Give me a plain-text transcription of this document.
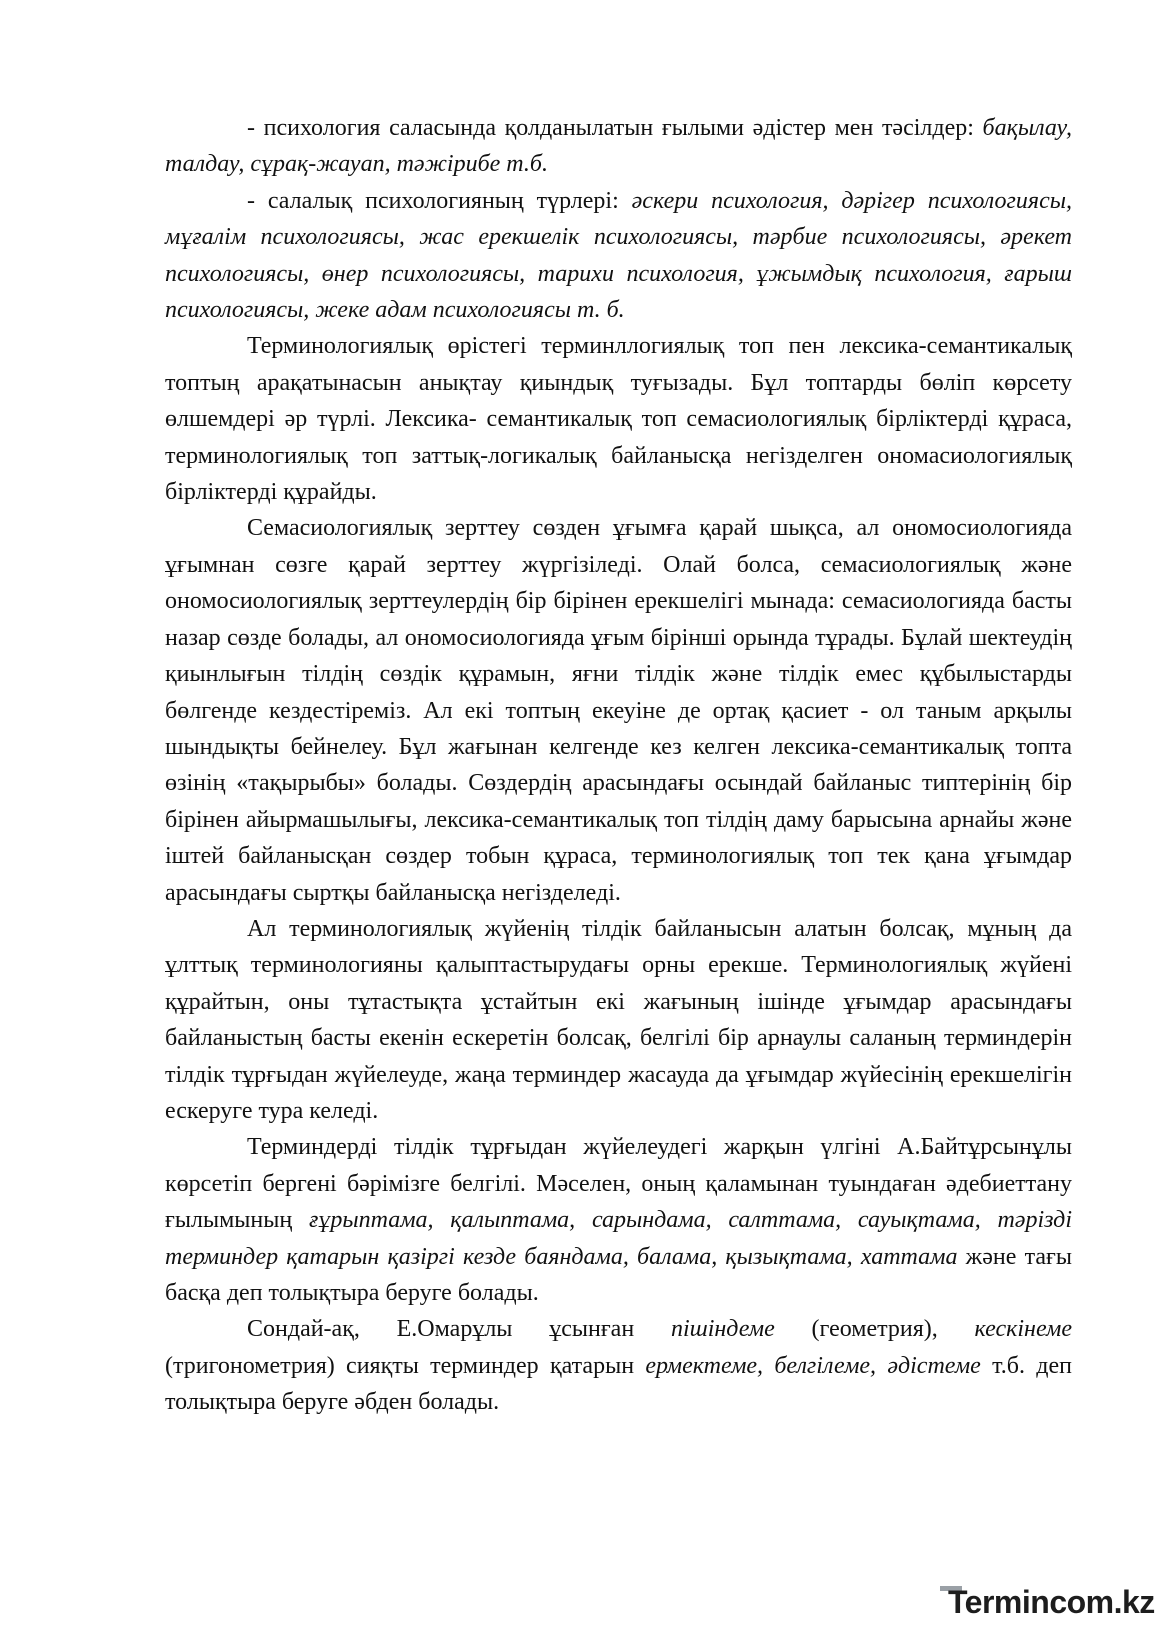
- психология саласында қолданылатын ғылыми әдістер мен тәсілдер: бақылау, талдау, сұрақ-жауап, тәжірибе т.б.

- салалық психологияның түрлері: әскери психология, дәрігер психологиясы, мұғалім психологиясы, жас ерекшелік психологиясы, тәрбие психологиясы, әрекет психологиясы, өнер психологиясы, тарихи психология, ұжымдық психология, ғарыш психологиясы, жеке адам психологиясы т. б.

Терминологиялық өрістегі терминллогиялық топ пен лексика-семантикалық топтың арақатынасын анықтау қиындық туғызады. Бұл топтарды бөліп көрсету өлшемдері әр түрлі. Лексика- семантикалық топ семасиологиялық бірліктерді құраса, терминологиялық топ заттық-логикалық байланысқа негізделген ономасиологиялық бірліктерді құрайды.

Семасиологиялық зерттеу сөзден ұғымға қарай шықса, ал ономосиологияда ұғымнан сөзге қарай зерттеу жүргізіледі. Олай болса, семасиологиялық және ономосиологиялық зерттеулердің бір бірінен ерекшелігі мынада: семасиологияда басты назар сөзде болады, ал ономосиологияда ұғым бірінші орында тұрады. Бұлай шектеудің қиынлығын тілдің сөздік құрамын, яғни тілдік және тілдік емес құбылыстарды бөлгенде кездестіреміз. Ал екі топтың екеуіне де ортақ қасиет - ол таным арқылы шындықты бейнелеу. Бұл жағынан келгенде кез келген лексика-семантикалық топта өзінің «тақырыбы» болады. Сөздердің арасындағы осындай байланыс типтерінің бір бірінен айырмашылығы, лексика-семантикалық топ тілдің даму барысына арнайы және іштей байланысқан сөздер тобын құраса, терминологиялық топ тек қана ұғымдар арасындағы сыртқы байланысқа негізделеді.

Ал терминологиялық жүйенің тілдік байланысын алатын болсақ, мұның да ұлттық терминологияны қалыптастырудағы орны ерекше. Терминологиялық жүйені құрайтын, оны тұтастықта ұстайтын екі жағының ішінде ұғымдар арасындағы байланыстың басты екенін ескеретін болсақ, белгілі бір арнаулы саланың терминдерін тілдік тұрғыдан жүйелеуде, жаңа терминдер жасауда да ұғымдар жүйесінің ерекшелігін ескеруге тура келеді.

Терминдерді тілдік тұрғыдан жүйелеудегі жарқын үлгіні А.Байтұрсынұлы көрсетіп бергені бәрімізге белгілі. Мәселен, оның қаламынан туындаған әдебиеттану ғылымының ғұрыптама, қалыптама, сарындама, салттама, сауықтама, тәрізді терминдер қатарын қазіргі кезде баяндама, балама, қызықтама, хаттама және тағы басқа деп толықтыра беруге болады.

Сондай-ақ, Е.Омарұлы ұсынған пішіндеме (геометрия), кескінеме (тригонометрия) сияқты терминдер қатарын ермектеме, белгілеме, әдістеме т.б. деп толықтыра беруге әбден болады.

Termincom.kz
